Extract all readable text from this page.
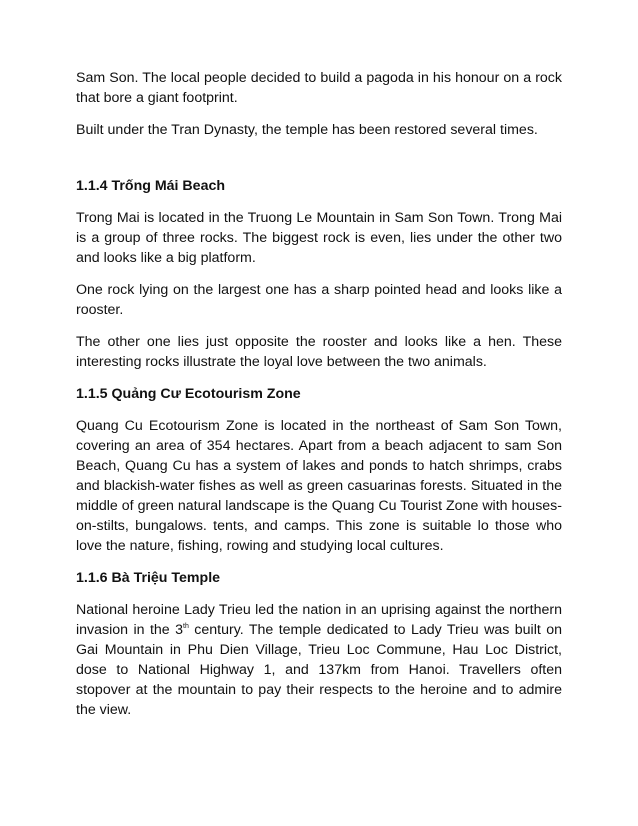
Sam Son. The local people decided to build a pagoda in his honour on a rock that bore a giant footprint.

Built under the Tran Dynasty, the temple has been restored several times.

1.1.4 Trống Mái Beach

Trong Mai is located in the Truong Le Mountain in Sam Son Town. Trong Mai is a group of three rocks. The biggest rock is even, lies under the other two and looks like a big platform.

One rock lying on the largest one has a sharp pointed head and looks like a rooster.

The other one lies just opposite the rooster and looks like a hen. These interesting rocks illustrate the loyal love between the two animals.

1.1.5 Quảng Cư Ecotourism Zone

Quang Cu Ecotourism Zone is located in the northeast of Sam Son Town, covering an area of 354 hectares. Apart from a beach adjacent to sam Son Beach, Quang Cu has a system of lakes and ponds to hatch shrimps, crabs and blackish-water fishes as well as green casuarinas forests. Situated in the middle of green natural landscape is the Quang Cu Tourist Zone with houses-on-stilts, bungalows. tents, and camps. This zone is suitable lo those who love the nature, fishing, rowing and studying local cultures.

1.1.6 Bà Triệu Temple

National heroine Lady Trieu led the nation in an uprising against the northern invasion in the 3th century. The temple dedicated to Lady Trieu was built on Gai Mountain in Phu Dien Village, Trieu Loc Commune, Hau Loc District, dose to National Highway 1, and 137km from Hanoi. Travellers often stopover at the mountain to pay their respects to the heroine and to admire the view.
